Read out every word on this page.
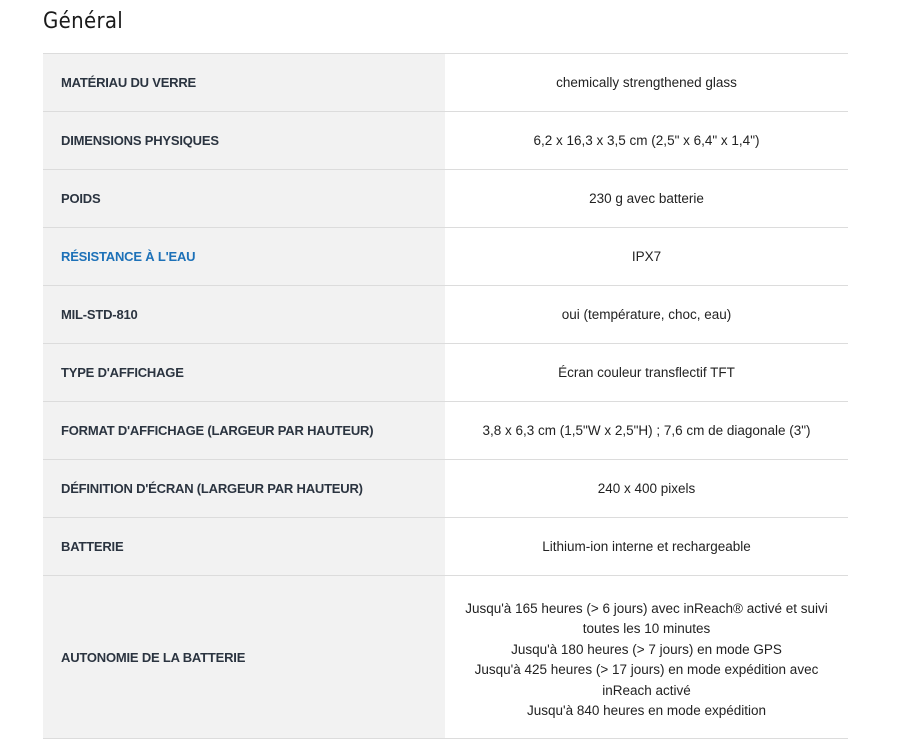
Général
MATÉRIAU DU VERRE	chemically strengthened glass
DIMENSIONS PHYSIQUES	6,2 x 16,3 x 3,5 cm (2,5" x 6,4" x 1,4")
POIDS	230 g avec batterie
RÉSISTANCE À L'EAU	IPX7
MIL-STD-810	oui (température, choc, eau)
TYPE D'AFFICHAGE	Écran couleur transflectif TFT
FORMAT D'AFFICHAGE (LARGEUR PAR HAUTEUR)	3,8 x 6,3 cm (1,5"W x 2,5"H) ; 7,6 cm de diagonale (3")
DÉFINITION D'ÉCRAN (LARGEUR PAR HAUTEUR)	240 x 400 pixels
BATTERIE	Lithium-ion interne et rechargeable
AUTONOMIE DE LA BATTERIE	Jusqu'à 165 heures (> 6 jours) avec inReach® activé et suivi toutes les 10 minutes
Jusqu'à 180 heures (> 7 jours) en mode GPS
Jusqu'à 425 heures (> 17 jours) en mode expédition avec inReach activé
Jusqu'à 840 heures en mode expédition
